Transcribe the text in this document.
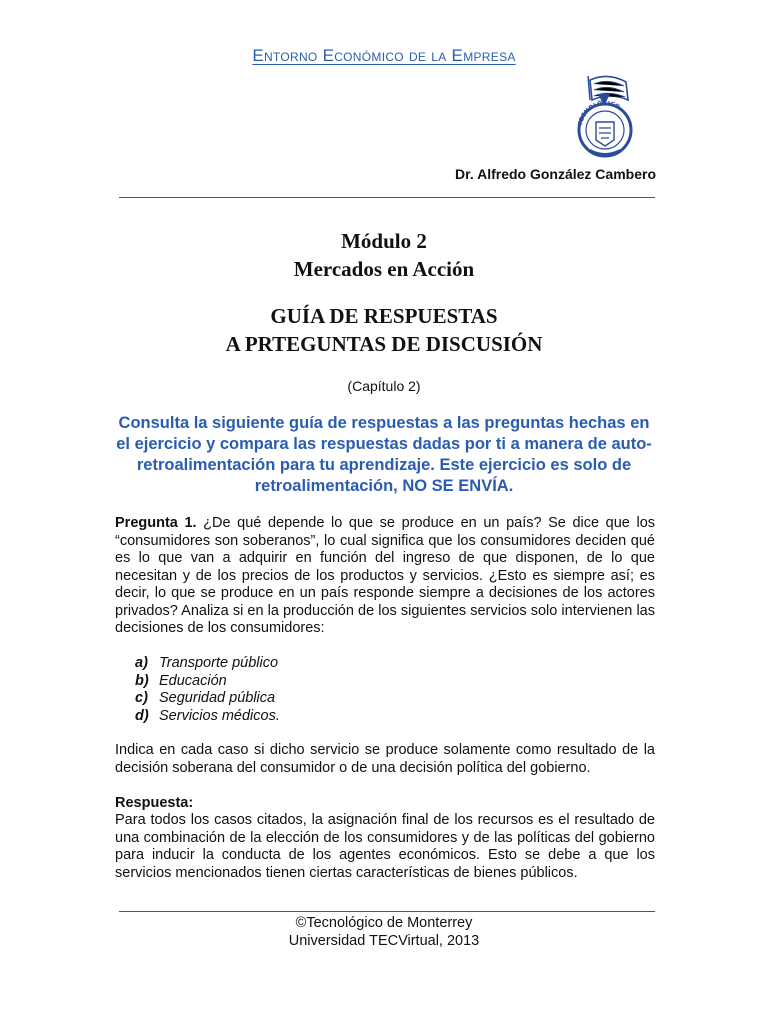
Entorno Económico de la Empresa
TECNOLÓGICO
Dr. Alfredo González Cambero
Módulo 2
Mercados en Acción
GUÍA DE RESPUESTAS
A PRTEGUNTAS DE DISCUSIÓN
(Capítulo 2)
Consulta la siguiente guía de respuestas a las preguntas hechas en el ejercicio y compara las respuestas dadas por ti a manera de auto-retroalimentación para tu aprendizaje. Este ejercicio es solo de retroalimentación, NO SE ENVÍA.
Pregunta 1. ¿De qué depende lo que se produce en un país? Se dice que los “consumidores son soberanos”, lo cual significa que los consumidores deciden qué es lo que van a adquirir en función del ingreso de que disponen, de lo que necesitan y de los precios de los productos y servicios. ¿Esto es siempre así; es decir, lo que se produce en un país responde siempre a decisiones de los actores privados? Analiza si en la producción de los siguientes servicios solo intervienen las decisiones de los consumidores:
a) Transporte público
b) Educación
c) Seguridad pública
d) Servicios médicos.
Indica en cada caso si dicho servicio se produce solamente como resultado de la decisión soberana del consumidor o de una decisión política del gobierno.
Respuesta:
Para todos los casos citados, la asignación final de los recursos es el resultado de una combinación de la elección de los consumidores y de las políticas del gobierno para inducir la conducta de los agentes económicos. Esto se debe a que los servicios mencionados tienen ciertas características de bienes públicos.
©Tecnológico de Monterrey
Universidad TECVirtual, 2013
